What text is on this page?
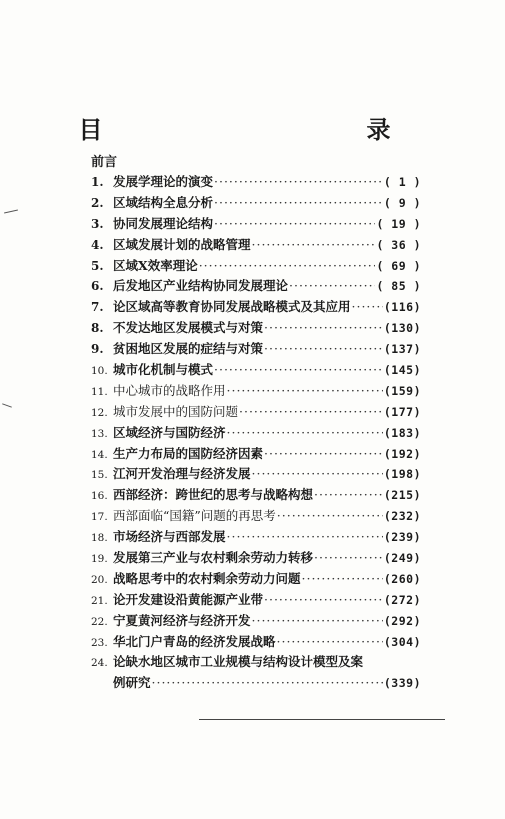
目　　录
前言
1. 发展学理论的演变 ·····	( 1 )
2. 区域结构全息分析 ·····	( 9 )
3. 协同发展理论结构 ·····	( 19 )
4. 区域发展计划的战略管理 ·····	( 36 )
5. 区域X效率理论 ·····	( 69 )
6. 后发地区产业结构协同发展理论 ·····	( 85 )
7. 论区域高等教育协同发展战略模式及其应用 ·····	(116)
8. 不发达地区发展模式与对策 ·····	(130)
9. 贫困地区发展的症结与对策 ·····	(137)
10. 城市化机制与模式 ·····	(145)
11. 中心城市的战略作用 ·····	(159)
12. 城市发展中的国防问题 ·····	(177)
13. 区域经济与国防经济 ·····	(183)
14. 生产力布局的国防经济因素 ·····	(192)
15. 江河开发治理与经济发展 ·····	(198)
16. 西部经济：跨世纪的思考与战略构想 ·····	(215)
17. 西部面临“国籍”问题的再思考 ·····	(232)
18. 市场经济与西部发展 ·····	(239)
19. 发展第三产业与农村剩余劳动力转移 ·····	(249)
20. 战略思考中的农村剩余劳动力问题 ·····	(260)
21. 论开发建设沿黄能源产业带 ·····	(272)
22. 宁夏黄河经济与经济开发 ·····	(292)
23. 华北门户青岛的经济发展战略 ·····	(304)
24. 论缺水地区城市工业规模与结构设计模型及案
例研究 ·····	(339)
